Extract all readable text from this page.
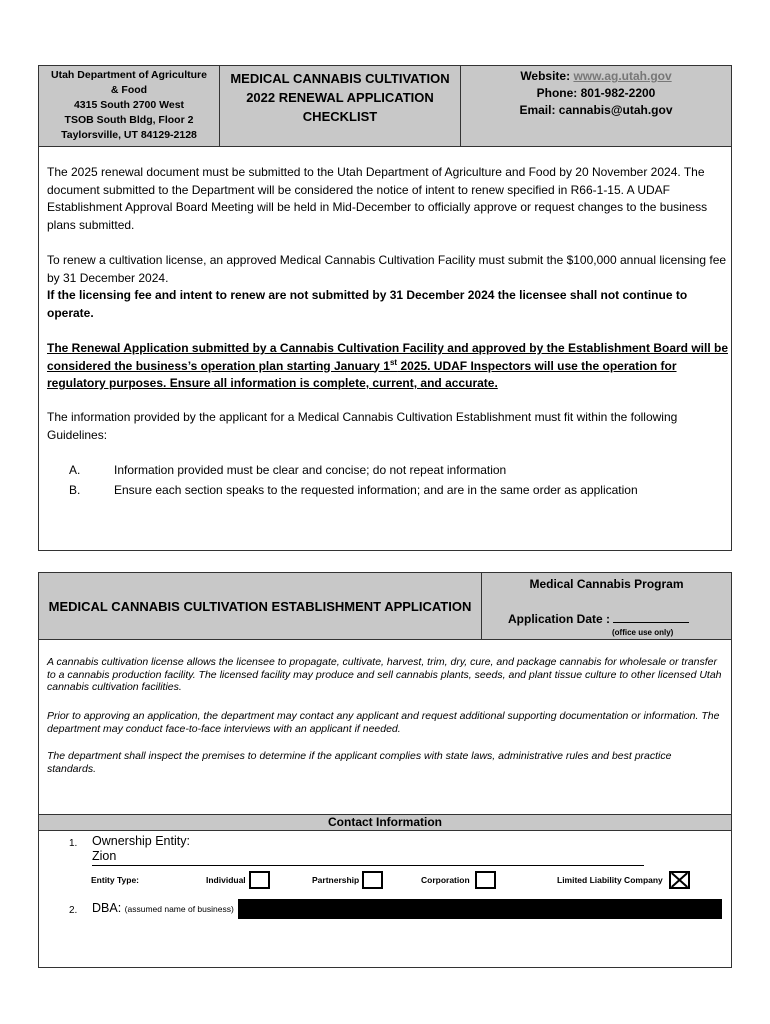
Utah Department of Agriculture
& Food
4315 South 2700 West
TSOB South Bldg, Floor 2
Taylorsville, UT 84129-2128
MEDICAL CANNABIS CULTIVATION
2022 RENEWAL APPLICATION
CHECKLIST
Website: www.ag.utah.gov
Phone: 801-982-2200
Email: cannabis@utah.gov

The 2025 renewal document must be submitted to the Utah Department of Agriculture and Food by 20 November 2024. The document submitted to the Department will be considered the notice of intent to renew specified in R66-1-15. A UDAF Establishment Approval Board Meeting will be held in Mid-December to officially approve or request changes to the business plans submitted.

To renew a cultivation license, an approved Medical Cannabis Cultivation Facility must submit the $100,000 annual licensing fee by 31 December 2024.

If the licensing fee and intent to renew are not submitted by 31 December 2024 the licensee shall not continue to operate.

The Renewal Application submitted by a Cannabis Cultivation Facility and approved by the Establishment Board will be considered the business’s operation plan starting January 1st 2025. UDAF Inspectors will use the operation for regulatory purposes. Ensure all information is complete, current, and accurate.

The information provided by the applicant for a Medical Cannabis Cultivation Establishment must fit within the following Guidelines:

A.	Information provided must be clear and concise; do not repeat information
B.	Ensure each section speaks to the requested information; and are in the same order as application
MEDICAL CANNABIS CULTIVATION ESTABLISHMENT APPLICATION
Medical Cannabis Program
Application Date :
(office use only)

A cannabis cultivation license allows the licensee to propagate, cultivate, harvest, trim, dry, cure, and package cannabis for wholesale or transfer to a cannabis production facility. The licensed facility may produce and sell cannabis plants, seeds, and plant tissue culture to other licensed Utah cannabis cultivation facilities.

Prior to approving an application, the department may contact any applicant and request additional supporting documentation or information. The department may conduct face-to-face interviews with an applicant if needed.

The department shall inspect the premises to determine if the applicant complies with state laws, administrative rules and best practice standards.

Contact Information
1. Ownership Entity:
Zion
Entity Type:	Individual	Partnership	Corporation	Limited Liability Company
2. DBA: (assumed name of business)
